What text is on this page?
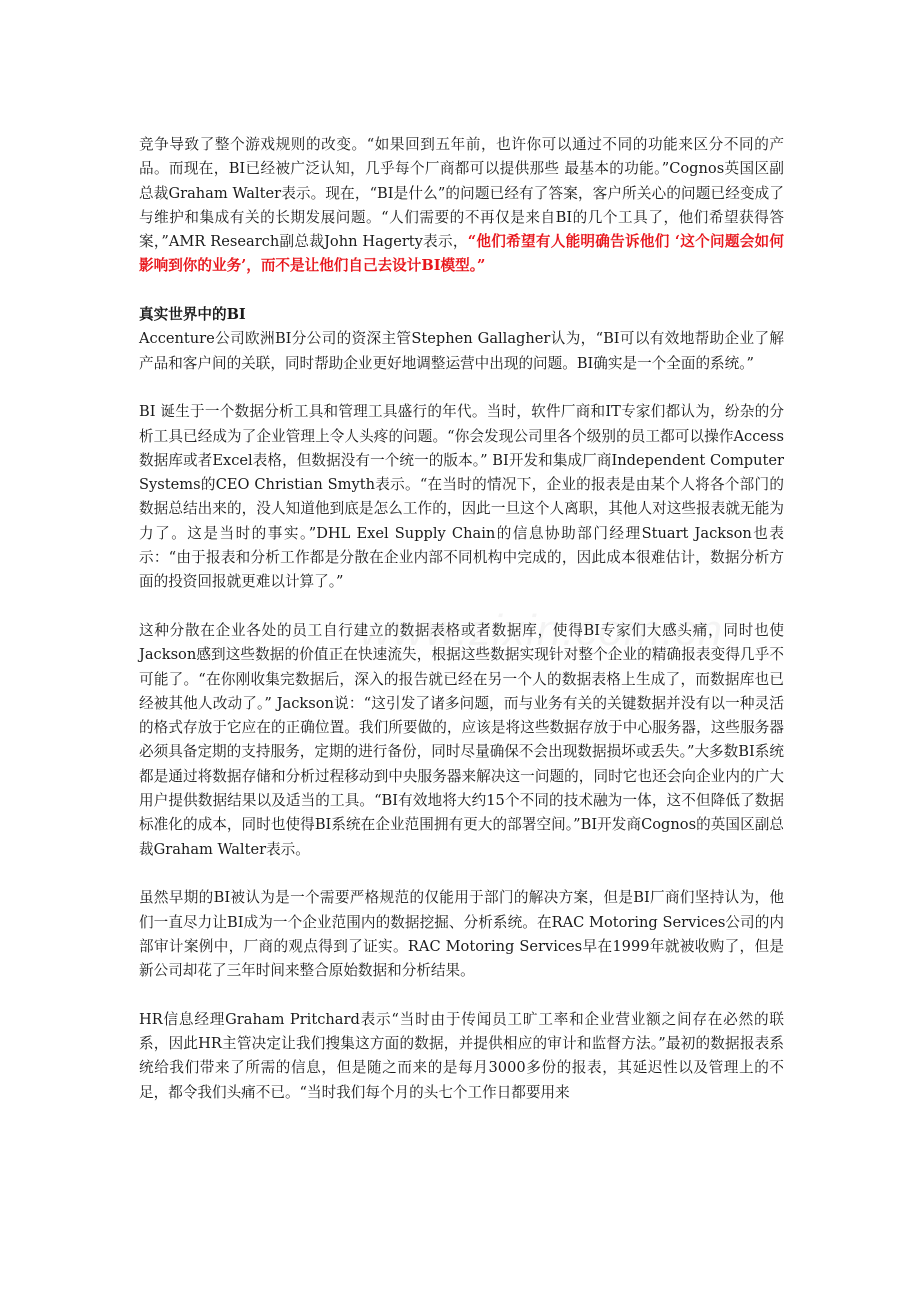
竞争导致了整个游戏规则的改变。“如果回到五年前，也许你可以通过不同的功能来区分不同的产品。而现在，BI已经被广泛认知，几乎每个厂商都可以提供那些 最基本的功能。”Cognos英国区副总裁Graham Walter表示。现在，“BI是什么”的问题已经有了答案，客户所关心的问题已经变成了与维护和集成有关的长期发展问题。“人们需要的不再仅是来自BI的几个工具了，他们希望获得答案，”AMR Research副总裁John Hagerty表示，“他们希望有人能明确告诉他们 ‘这个问题会如何影响到你的业务’，而不是让他们自己去设计BI模型。”

真实世界中的BI

Accenture公司欧洲BI分公司的资深主管Stephen Gallagher认为，“BI可以有效地帮助企业了解产品和客户间的关联，同时帮助企业更好地调整运营中出现的问题。BI确实是一个全面的系统。”

BI 诞生于一个数据分析工具和管理工具盛行的年代。当时，软件厂商和IT专家们都认为，纷杂的分析工具已经成为了企业管理上令人头疼的问题。“你会发现公司里各个级别的员工都可以操作Access数据库或者Excel表格，但数据没有一个统一的版本。” BI开发和集成厂商Independent Computer Systems的CEO Christian Smyth表示。“在当时的情况下，企业的报表是由某个人将各个部门的数据总结出来的，没人知道他到底是怎么工作的，因此一旦这个人离职，其他人对这些报表就无能为力了。这是当时的事实。”DHL Exel Supply Chain的信息协助部门经理Stuart Jackson也表示：“由于报表和分析工作都是分散在企业内部不同机构中完成的，因此成本很难估计，数据分析方面的投资回报就更难以计算了。”

这种分散在企业各处的员工自行建立的数据表格或者数据库，使得BI专家们大感头痛，同时也使Jackson感到这些数据的价值正在快速流失，根据这些数据实现针对整个企业的精确报表变得几乎不可能了。“在你刚收集完数据后，深入的报告就已经在另一个人的数据表格上生成了，而数据库也已经被其他人改动了。” Jackson说：“这引发了诸多问题，而与业务有关的关键数据并没有以一种灵活的格式存放于它应在的正确位置。我们所要做的，应该是将这些数据存放于中心服务器，这些服务器必须具备定期的支持服务，定期的进行备份，同时尽量确保不会出现数据损坏或丢失。”大多数BI系统都是通过将数据存储和分析过程移动到中央服务器来解决这一问题的，同时它也还会向企业内的广大用户提供数据结果以及适当的工具。“BI有效地将大约15个不同的技术融为一体，这不但降低了数据标准化的成本，同时也使得BI系统在企业范围拥有更大的部署空间。”BI开发商Cognos的英国区副总裁Graham Walter表示。

虽然早期的BI被认为是一个需要严格规范的仅能用于部门的解决方案，但是BI厂商们坚持认为，他们一直尽力让BI成为一个企业范围内的数据挖掘、分析系统。在RAC Motoring Services公司的内部审计案例中，厂商的观点得到了证实。RAC Motoring Services早在1999年就被收购了，但是新公司却花了三年时间来整合原始数据和分析结果。

HR信息经理Graham Pritchard表示“当时由于传闻员工旷工率和企业营业额之间存在必然的联系，因此HR主管决定让我们搜集这方面的数据，并提供相应的审计和监督方法。”最初的数据报表系统给我们带来了所需的信息，但是随之而来的是每月3000多份的报表，其延迟性以及管理上的不足，都令我们头痛不已。“当时我们每个月的头七个工作日都要用来
